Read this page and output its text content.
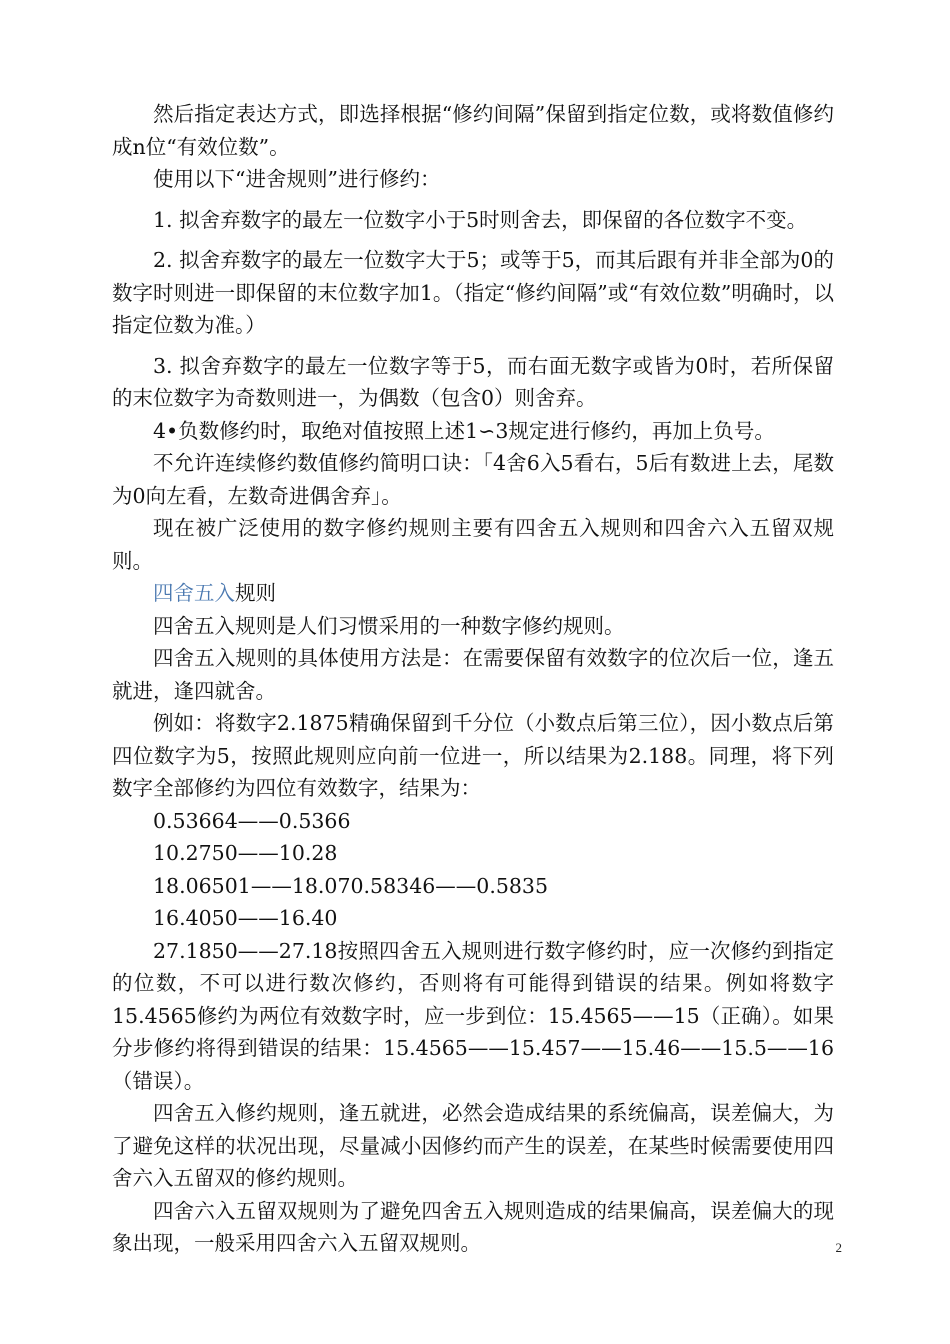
然后指定表达方式，即选择根据“修约间隔”保留到指定位数，或将数值修约成n位“有效位数”。

使用以下“进舍规则”进行修约：

1. 拟舍弃数字的最左一位数字小于5时则舍去，即保留的各位数字不变。

2. 拟舍弃数字的最左一位数字大于5；或等于5，而其后跟有并非全部为0的数字时则进一即保留的末位数字加1。（指定“修约间隔”或“有效位数”明确时，以指定位数为准。）

3. 拟舍弃数字的最左一位数字等于5，而右面无数字或皆为0时，若所保留的末位数字为奇数则进一，为偶数（包含0）则舍弃。

4•负数修约时，取绝对值按照上述1∽3规定进行修约，再加上负号。

不允许连续修约数值修约简明口诀：「4舍6入5看右，5后有数进上去，尾数为0向左看，左数奇进偶舍弃」。

现在被广泛使用的数字修约规则主要有四舍五入规则和四舍六入五留双规则。

四舍五入规则

四舍五入规则是人们习惯采用的一种数字修约规则。

四舍五入规则的具体使用方法是：在需要保留有效数字的位次后一位，逢五就进，逢四就舍。

例如：将数字2.1875精确保留到千分位（小数点后第三位），因小数点后第四位数字为5，按照此规则应向前一位进一，所以结果为2.188。同理，将下列数字全部修约为四位有效数字，结果为：

0.53664——0.5366

10.2750——10.28

18.06501——18.070.58346——0.5835

16.4050——16.40

27.1850——27.18按照四舍五入规则进行数字修约时，应一次修约到指定的位数，不可以进行数次修约，否则将有可能得到错误的结果。例如将数字15.4565修约为两位有效数字时，应一步到位：15.4565——15（正确）。如果分步修约将得到错误的结果：15.4565——15.457——15.46——15.5——16（错误）。

四舍五入修约规则，逢五就进，必然会造成结果的系统偏高，误差偏大，为了避免这样的状况出现，尽量减小因修约而产生的误差，在某些时候需要使用四舍六入五留双的修约规则。

四舍六入五留双规则为了避免四舍五入规则造成的结果偏高，误差偏大的现象出现，一般采用四舍六入五留双规则。	2
